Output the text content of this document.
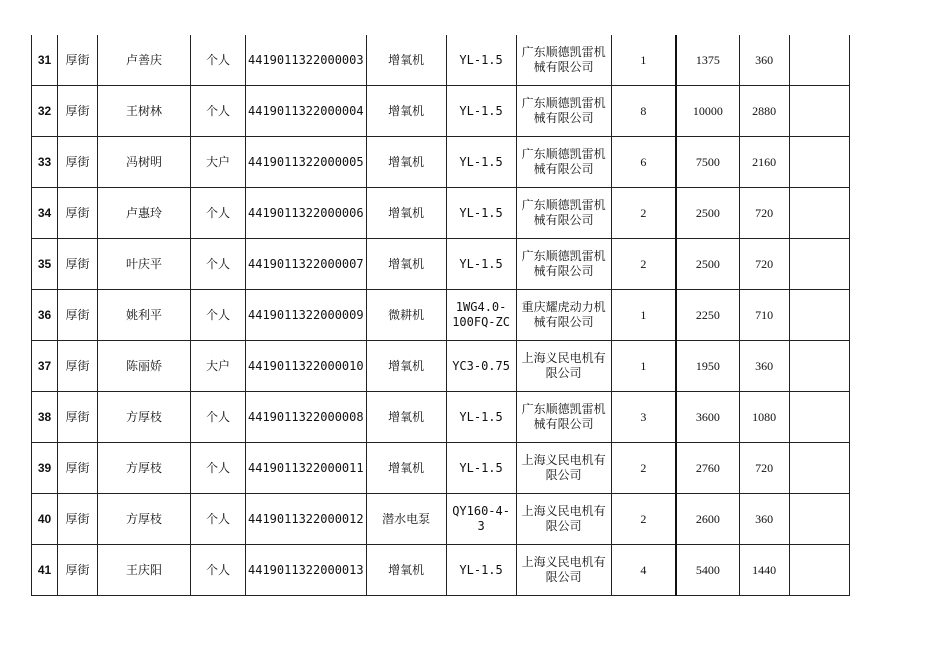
31	厚街	卢善庆	个人	4419011322000003	增氧机	YL-1.5	广东顺德凯雷机械有限公司	1	1375	360	
32	厚街	王树林	个人	4419011322000004	增氧机	YL-1.5	广东顺德凯雷机械有限公司	8	10000	2880	
33	厚街	冯树明	大户	4419011322000005	增氧机	YL-1.5	广东顺德凯雷机械有限公司	6	7500	2160	
34	厚街	卢惠玲	个人	4419011322000006	增氧机	YL-1.5	广东顺德凯雷机械有限公司	2	2500	720	
35	厚街	叶庆平	个人	4419011322000007	增氧机	YL-1.5	广东顺德凯雷机械有限公司	2	2500	720	
36	厚街	姚利平	个人	4419011322000009	微耕机	1WG4.0-100FQ-ZC	重庆耀虎动力机械有限公司	1	2250	710	
37	厚街	陈丽娇	大户	4419011322000010	增氧机	YC3-0.75	上海义民电机有限公司	1	1950	360	
38	厚街	方厚枝	个人	4419011322000008	增氧机	YL-1.5	广东顺德凯雷机械有限公司	3	3600	1080	
39	厚街	方厚枝	个人	4419011322000011	增氧机	YL-1.5	上海义民电机有限公司	2	2760	720	
40	厚街	方厚枝	个人	4419011322000012	潜水电泵	QY160-4-3	上海义民电机有限公司	2	2600	360	
41	厚街	王庆阳	个人	4419011322000013	增氧机	YL-1.5	上海义民电机有限公司	4	5400	1440	
